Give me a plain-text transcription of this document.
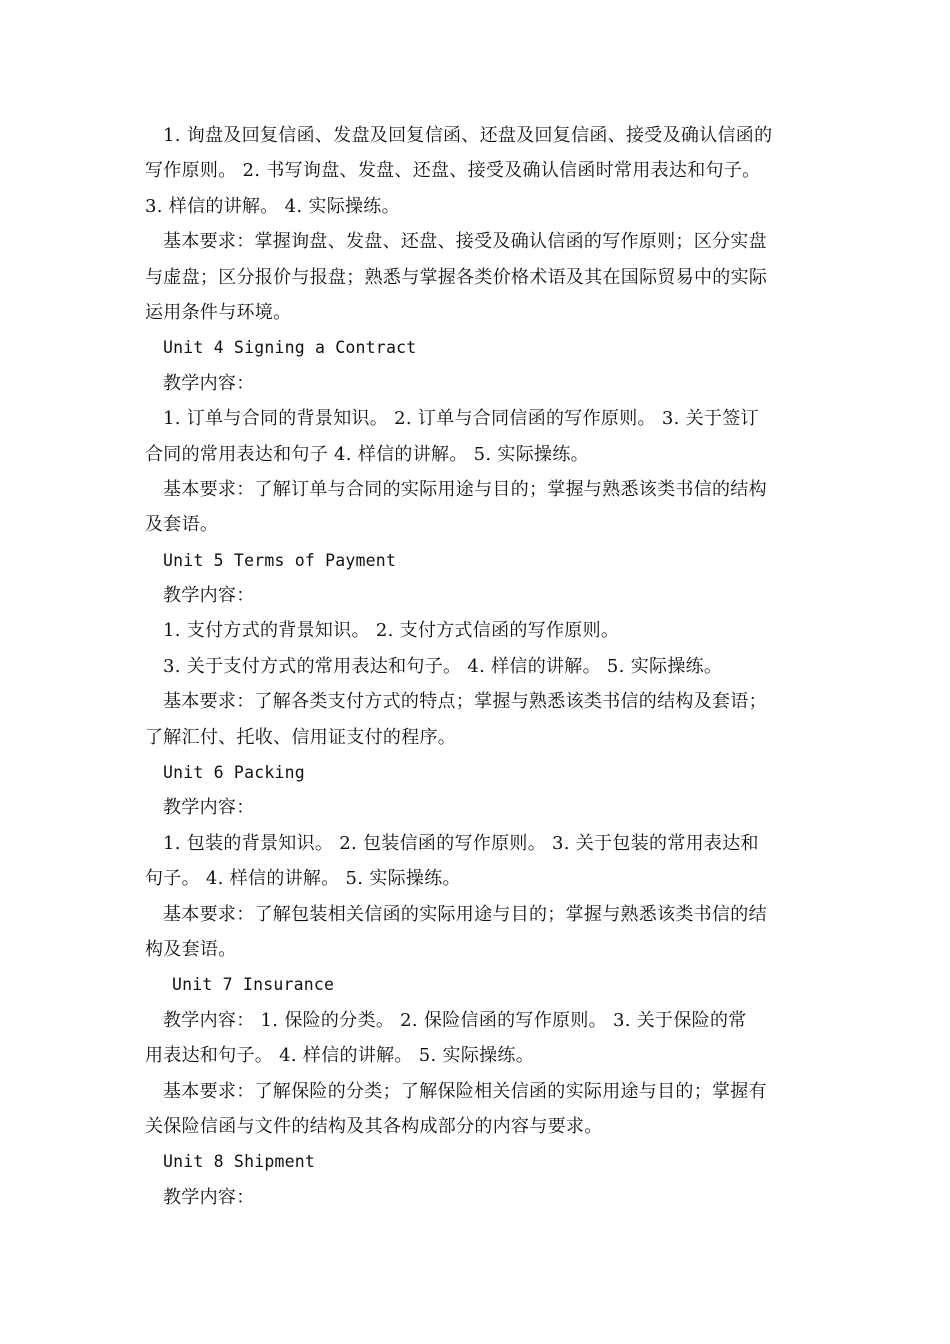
1. 询盘及回复信函、发盘及回复信函、还盘及回复信函、接受及确认信函的
写作原则。 2. 书写询盘、发盘、还盘、接受及确认信函时常用表达和句子。
3. 样信的讲解。 4. 实际操练。
基本要求：掌握询盘、发盘、还盘、接受及确认信函的写作原则；区分实盘
与虚盘；区分报价与报盘；熟悉与掌握各类价格术语及其在国际贸易中的实际
运用条件与环境。
Unit 4 Signing a Contract
教学内容：
1. 订单与合同的背景知识。 2. 订单与合同信函的写作原则。 3. 关于签订
合同的常用表达和句子 4. 样信的讲解。 5. 实际操练。
基本要求：了解订单与合同的实际用途与目的；掌握与熟悉该类书信的结构
及套语。
Unit 5 Terms of Payment
教学内容：
1. 支付方式的背景知识。 2. 支付方式信函的写作原则。
3. 关于支付方式的常用表达和句子。 4. 样信的讲解。 5. 实际操练。
基本要求：了解各类支付方式的特点；掌握与熟悉该类书信的结构及套语；
了解汇付、托收、信用证支付的程序。
Unit 6 Packing
教学内容：
1. 包装的背景知识。 2. 包装信函的写作原则。 3. 关于包装的常用表达和
句子。 4. 样信的讲解。 5. 实际操练。
基本要求：了解包装相关信函的实际用途与目的；掌握与熟悉该类书信的结
构及套语。
Unit 7 Insurance
教学内容： 1. 保险的分类。 2. 保险信函的写作原则。 3. 关于保险的常
用表达和句子。 4. 样信的讲解。 5. 实际操练。
基本要求：了解保险的分类；了解保险相关信函的实际用途与目的；掌握有
关保险信函与文件的结构及其各构成部分的内容与要求。
Unit 8 Shipment
教学内容：
